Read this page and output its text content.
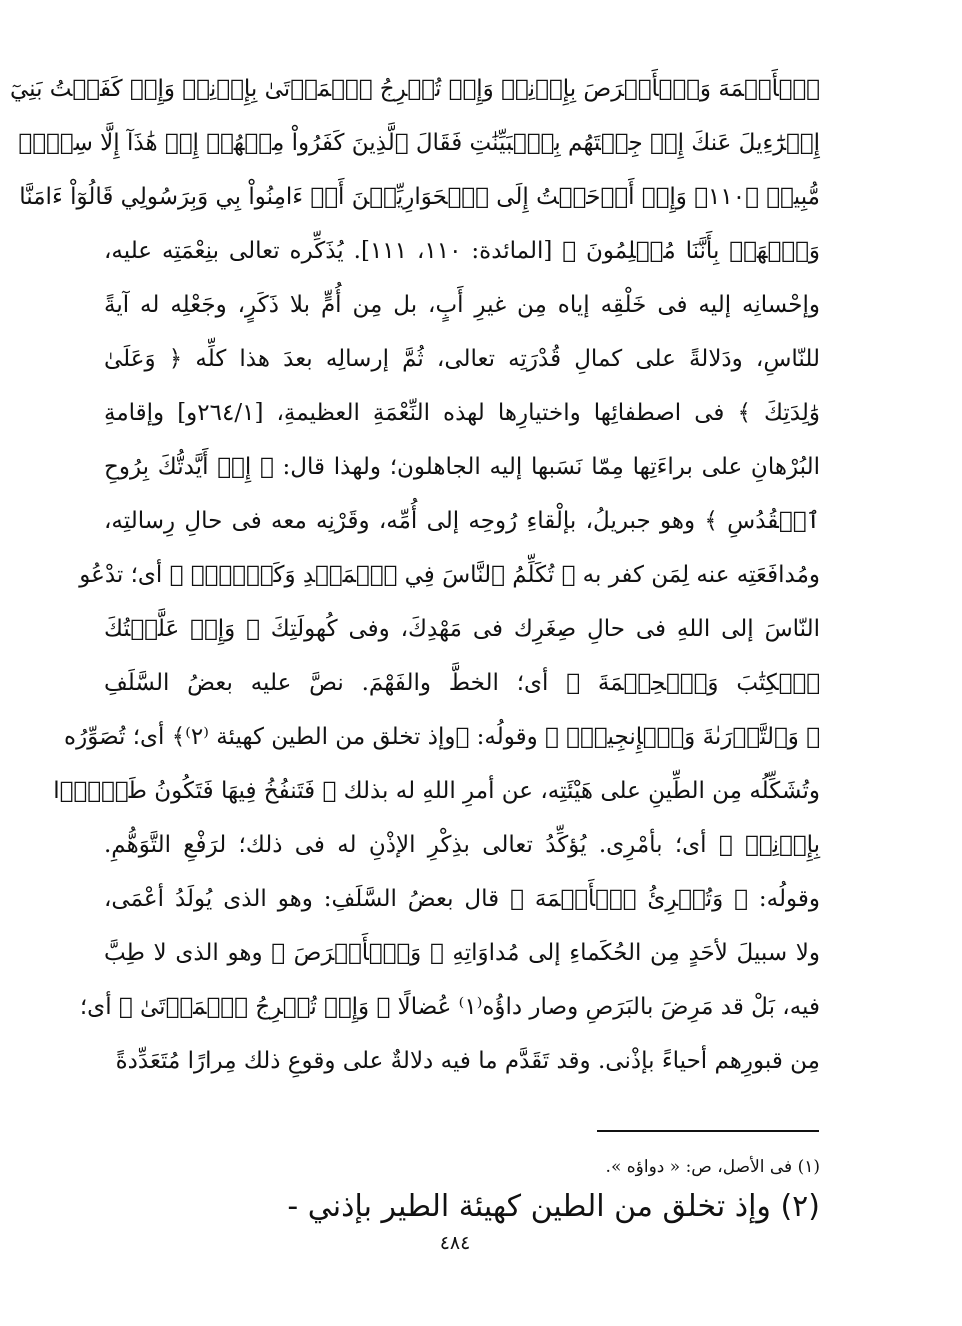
ٱلۡأَكۡمَهَ وَٱلۡأَبۡرَصَ بِإِذۡنِيۖ وَإِذۡ تُخۡرِجُ ٱلۡمَوۡتَىٰ بِإِذۡنِيۖ وَإِذۡ كَفَفۡتُ بَنِيٓ
إِسۡرَٰٓءِيلَ عَنكَ إِذۡ جِئۡتَهُم بِٱلۡبَيِّنَٰتِ فَقَالَ ٱلَّذِينَ كَفَرُواْ مِنۡهُمۡ إِنۡ هَٰذَآ إِلَّا سِحۡرٞ
مُّبِينٞ ﴿١١٠﴾ وَإِذۡ أَوۡحَيۡتُ إِلَى ٱلۡحَوَارِيِّـۧنَ أَنۡ ءَامِنُواْ بِي وَبِرَسُولِي قَالُوٓاْ ءَامَنَّا
وَٱشۡهَدۡ بِأَنَّنَا مُسۡلِمُونَ ﴾ [المائدة: ١١٠، ١١١]. يُذَكِّره تعالى بنِعْمَتِه عليه،
وإحْسانِه إليه فى خَلْقِه إياه مِن غيرِ أَبٍ، بل مِن أُمٍّ بلا ذَكَرٍ، وجَعْلِه له آيةً
للنّاسِ، ودَلالةً على كمالِ قُدْرَتِه تعالى، ثُمَّ إرسالِه بعدَ هذا كلِّه ﴿ وَعَلَىٰ
وَٰلِدَتِكَ ﴾ فى اصطفائِها واختيارِها لهذه النِّعْمَةِ العظيمةِ، [٢٦٤/١و] وإقامةِ
البُرْهانِ على براءَتِها مِمّا نَسَبها إليه الجاهلون؛ ولهذا قال: ﴿ إِذۡ أَيَّدتُّكَ بِرُوحِ
ٱلۡقُدُسِ ﴾ وهو جبريلُ، بإلْقاءِ رُوحِه إلى أُمِّه، وقَرْنِه معه فى حالِ رِسالتِه،
ومُدافَعَتِه عنه لِمَن كفر به ﴿ تُكَلِّمُ ٱلنَّاسَ فِي ٱلۡمَهۡدِ وَكَهۡلٗاۖ ﴾ أى؛ تدْعُو
النّاسَ إلى اللهِ فى حالِ صِغَرِك فى مَهْدِكَ، وفى كُهولَتِكَ ﴿ وَإِذۡ عَلَّمۡتُكَ
ٱلۡكِتَٰبَ وَٱلۡحِكۡمَةَ ﴾ أى؛ الخطَّ والفَهْمَ. نصَّ عليه بعضُ السَّلَفِ
﴿ وَٱلتَّوۡرَىٰةَ وَٱلۡإِنجِيلَۖ ﴾ وقولُه: ﴿وإذ تخلق من الطين كهيئة ⁽٢⁾﴾ أى؛ تُصَوِّرُه
وتُشَكِّلُه مِن الطِّينِ على هَيْئَتِه، عن أمرِ اللهِ له بذلك ﴿ فَتَنفُخُ فِيهَا فَتَكُونُ طَيۡرَۢا
بِإِذۡنِيۖ ﴾ أى؛ بأمْرِى. يُؤكِّدُ تعالى بذِكْرِ الإذْنِ له فى ذلك؛ لرَفْعِ التَّوَهُّمِ.
وقولُه: ﴿ وَتُبۡرِئُ ٱلۡأَكۡمَهَ ﴾ قال بعضُ السَّلَفِ: وهو الذى يُولَدُ أعْمَى،
ولا سبيلَ لأحَدٍ مِن الحُكَماءِ إلى مُداوَاتِهِ ﴿ وَٱلۡأَبۡرَصَ ﴾ وهو الذى لا طِبَّ
فيه، بَلْ قد مَرِضَ بالبَرَصِ وصار داؤُه⁽١⁾ عُضالًا ﴿ وَإِذۡ تُخۡرِجُ ٱلۡمَوۡتَىٰ ﴾ أى؛
مِن قبورِهم أحياءً بإذْنى. وقد تَقَدَّم ما فيه دلالةٌ على وقوعِ ذلك مِرارًا مُتَعَدِّدةً
(١) فى الأصل، ص: « دواؤه ».
(٢) وإذ تخلق من الطين كهيئة الطير بإذني -
٤٨٤
